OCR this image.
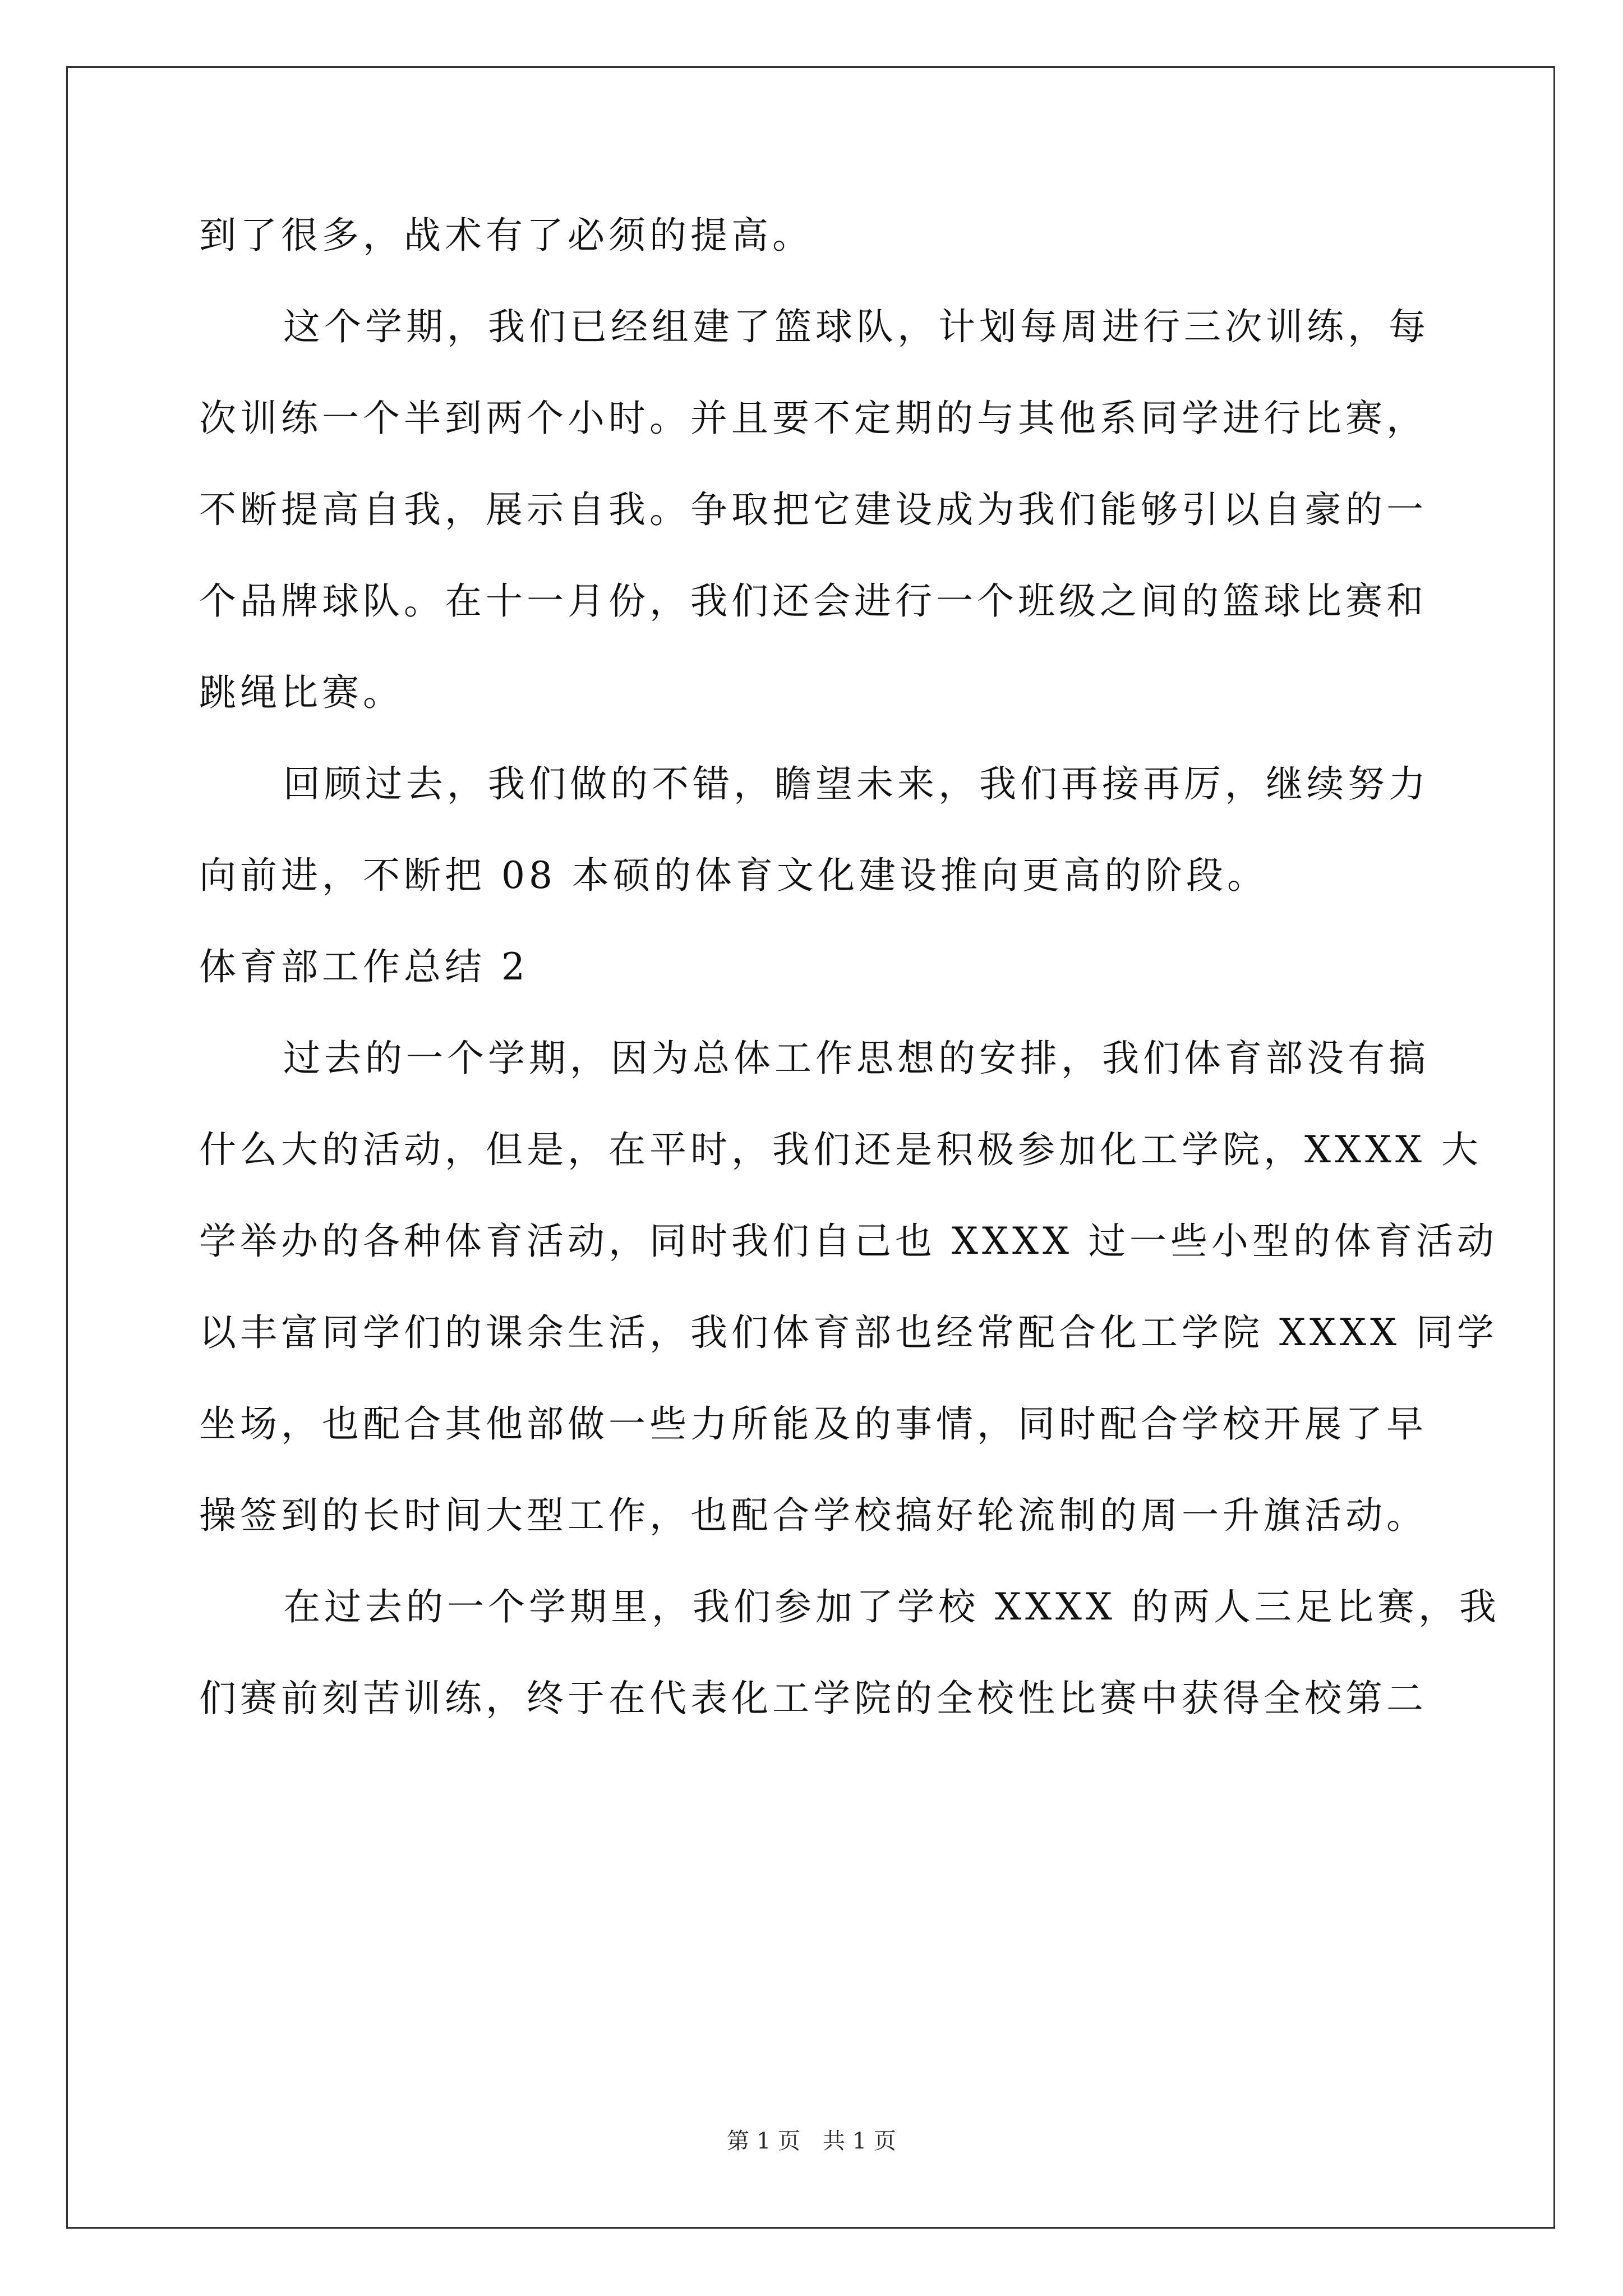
到了很多，战术有了必须的提高。
这个学期，我们已经组建了篮球队，计划每周进行三次训练，每
次训练一个半到两个小时。并且要不定期的与其他系同学进行比赛，
不断提高自我，展示自我。争取把它建设成为我们能够引以自豪的一
个品牌球队。在十一月份，我们还会进行一个班级之间的篮球比赛和
跳绳比赛。
回顾过去，我们做的不错，瞻望未来，我们再接再厉，继续努力
向前进，不断把 08 本硕的体育文化建设推向更高的阶段。
体育部工作总结 2
过去的一个学期，因为总体工作思想的安排，我们体育部没有搞
什么大的活动，但是，在平时，我们还是积极参加化工学院，XXXX 大
学举办的各种体育活动，同时我们自己也 XXXX 过一些小型的体育活动
以丰富同学们的课余生活，我们体育部也经常配合化工学院 XXXX 同学
坐场，也配合其他部做一些力所能及的事情，同时配合学校开展了早
操签到的长时间大型工作，也配合学校搞好轮流制的周一升旗活动。
在过去的一个学期里，我们参加了学校 XXXX 的两人三足比赛，我
们赛前刻苦训练，终于在代表化工学院的全校性比赛中获得全校第二
第 1 页 共 1 页
